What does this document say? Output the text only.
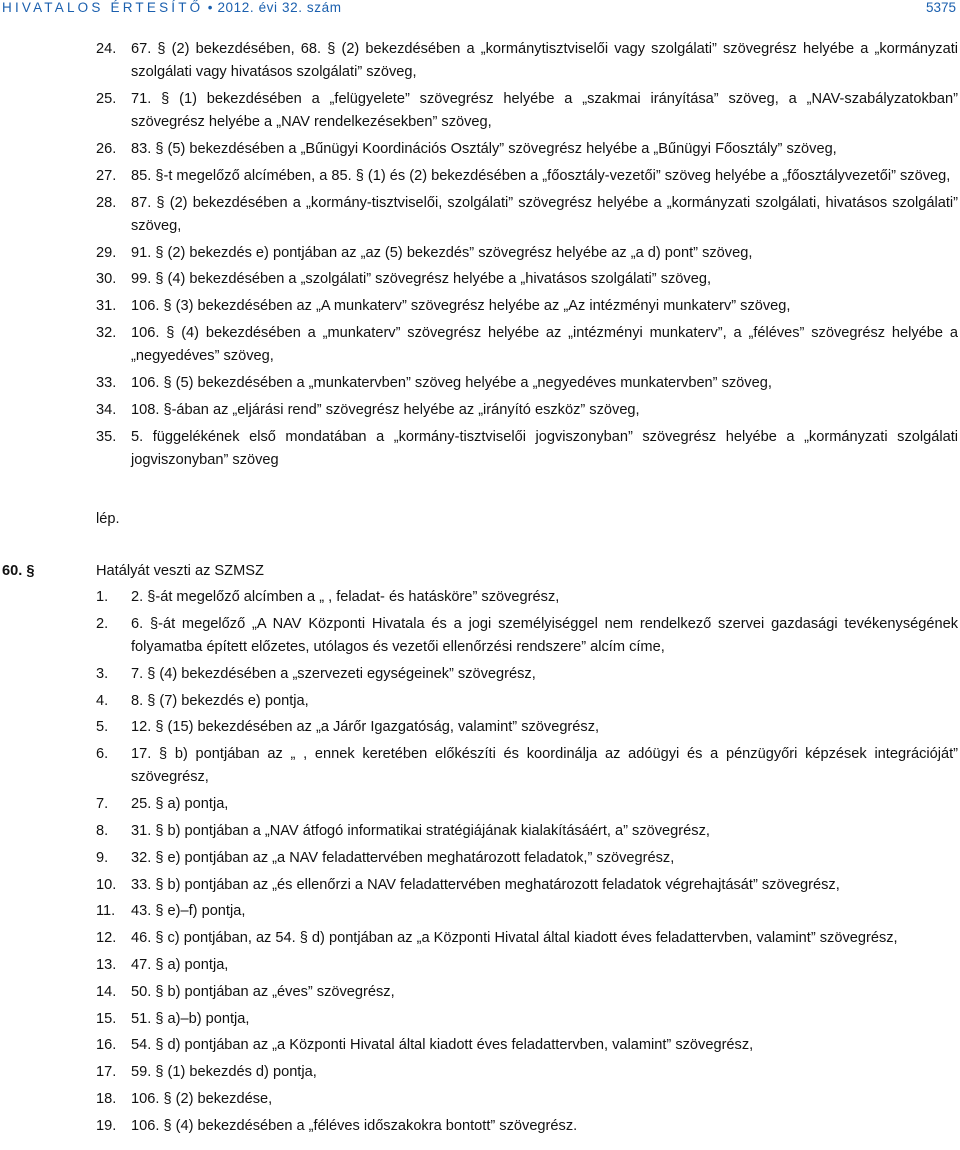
HIVATALOS ÉRTESÍTŐ • 2012. évi 32. szám	5375
24.	67. § (2) bekezdésében, 68. § (2) bekezdésében a „kormánytisztviselői vagy szolgálati” szövegrész helyébe a „kormányzati szolgálati vagy hivatásos szolgálati” szöveg,
25.	71. § (1) bekezdésében a „felügyelete” szövegrész helyébe a „szakmai irányítása” szöveg, a „NAV-szabályzatokban” szövegrész helyébe a „NAV rendelkezésekben” szöveg,
26.	83. § (5) bekezdésében a „Bűnügyi Koordinációs Osztály” szövegrész helyébe a „Bűnügyi Főosztály” szöveg,
27.	85. §-t megelőző alcímében, a 85. § (1) és (2) bekezdésében a „főosztály-vezetői” szöveg helyébe a „főosztályvezetői” szöveg,
28.	87. § (2) bekezdésében a „kormány-tisztviselői, szolgálati” szövegrész helyébe a „kormányzati szolgálati, hivatásos szolgálati” szöveg,
29.	91. § (2) bekezdés e) pontjában az „az (5) bekezdés” szövegrész helyébe az „a d) pont” szöveg,
30.	99. § (4) bekezdésében a „szolgálati” szövegrész helyébe a „hivatásos szolgálati” szöveg,
31.	106. § (3) bekezdésében az „A munkaterv” szövegrész helyébe az „Az intézményi munkaterv” szöveg,
32.	106. § (4) bekezdésében a „munkaterv” szövegrész helyébe az „intézményi munkaterv”, a „féléves” szövegrész helyébe a „negyedéves” szöveg,
33.	106. § (5) bekezdésében a „munkatervben” szöveg helyébe a „negyedéves munkatervben” szöveg,
34.	108. §-ában az „eljárási rend” szövegrész helyébe az „irányító eszköz” szöveg,
35.	5. függelékének első mondatában a „kormány-tisztviselői jogviszonyban” szövegrész helyébe a „kormányzati szolgálati jogviszonyban” szöveg
lép.
60. §	Hatályát veszti az SZMSZ
1.	2. §-át megelőző alcímben a „ , feladat- és hatásköre” szövegrész,
2.	6. §-át megelőző „A NAV Központi Hivatala és a jogi személyiséggel nem rendelkező szervei gazdasági tevékenységének folyamatba épített előzetes, utólagos és vezetői ellenőrzési rendszere” alcím címe,
3.	7. § (4) bekezdésében a „szervezeti egységeinek” szövegrész,
4.	8. § (7) bekezdés e) pontja,
5.	12. § (15) bekezdésében az „a Járőr Igazgatóság, valamint” szövegrész,
6.	17. § b) pontjában az „ , ennek keretében előkészíti és koordinálja az adóügyi és a pénzügyőri képzések integrációját” szövegrész,
7.	25. § a) pontja,
8.	31. § b) pontjában a „NAV átfogó informatikai stratégiájának kialakításáért, a” szövegrész,
9.	32. § e) pontjában az „a NAV feladattervében meghatározott feladatok,” szövegrész,
10.	33. § b) pontjában az „és ellenőrzi a NAV feladattervében meghatározott feladatok végrehajtását” szövegrész,
11.	43. § e)–f) pontja,
12.	46. § c) pontjában, az 54. § d) pontjában az „a Központi Hivatal által kiadott éves feladattervben, valamint” szövegrész,
13.	47. § a) pontja,
14.	50. § b) pontjában az „éves” szövegrész,
15.	51. § a)–b) pontja,
16.	54. § d) pontjában az „a Központi Hivatal által kiadott éves feladattervben, valamint” szövegrész,
17.	59. § (1) bekezdés d) pontja,
18.	106. § (2) bekezdése,
19.	106. § (4) bekezdésében a „féléves időszakokra bontott” szövegrész.
